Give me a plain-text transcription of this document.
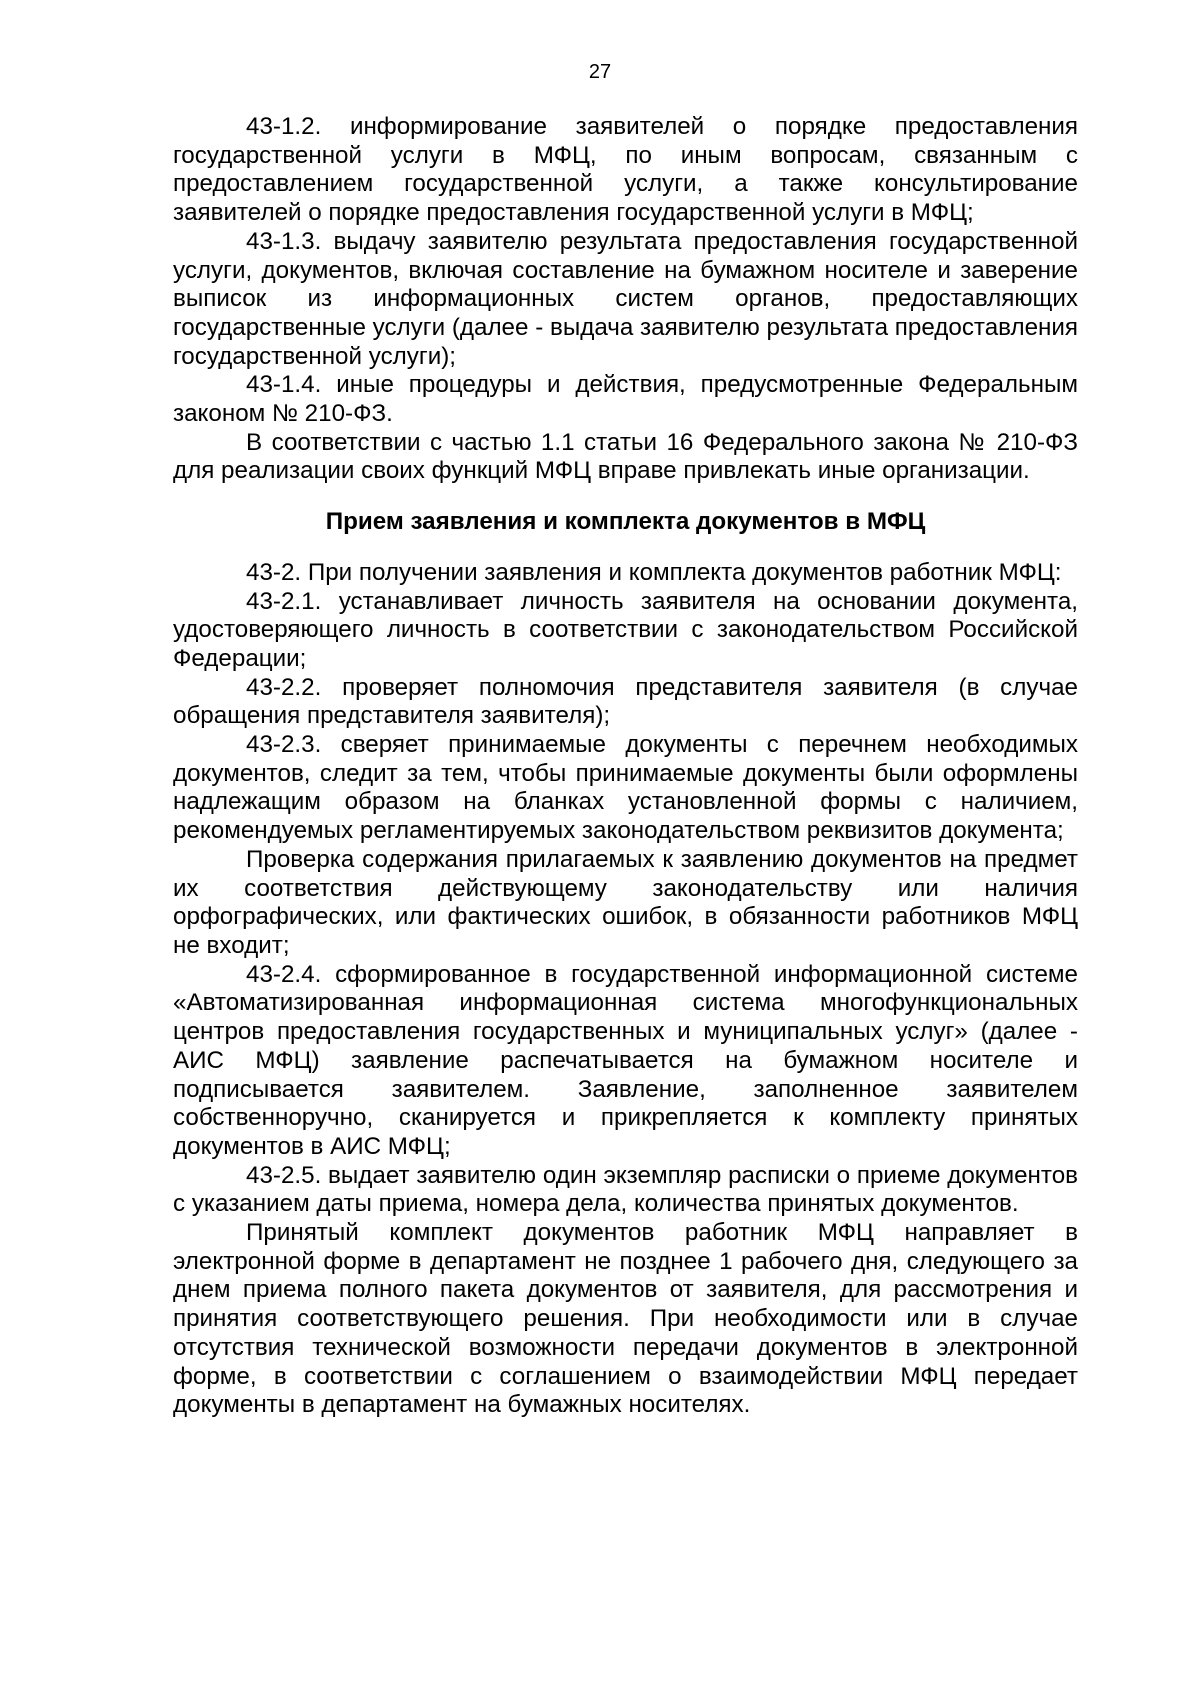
27

43-1.2. информирование заявителей о порядке предоставления государственной услуги в МФЦ, по иным вопросам, связанным с предоставлением государственной услуги, а также консультирование заявителей о порядке предоставления государственной услуги в МФЦ;

43-1.3. выдачу заявителю результата предоставления государственной услуги, документов, включая составление на бумажном носителе и заверение выписок из информационных систем органов, предоставляющих государственные услуги (далее - выдача заявителю результата предоставления государственной услуги);

43-1.4. иные процедуры и действия, предусмотренные Федеральным законом № 210-ФЗ.

В соответствии с частью 1.1 статьи 16 Федерального закона № 210-ФЗ для реализации своих функций МФЦ вправе привлекать иные организации.

Прием заявления и комплекта документов в МФЦ

43-2. При получении заявления и комплекта документов работник МФЦ:

43-2.1. устанавливает личность заявителя на основании документа, удостоверяющего личность в соответствии с законодательством Российской Федерации;

43-2.2. проверяет полномочия представителя заявителя (в случае обращения представителя заявителя);

43-2.3. сверяет принимаемые документы с перечнем необходимых документов, следит за тем, чтобы принимаемые документы были оформлены надлежащим образом на бланках установленной формы с наличием, рекомендуемых регламентируемых законодательством реквизитов документа;

Проверка содержания прилагаемых к заявлению документов на предмет их соответствия действующему законодательству или наличия орфографических, или фактических ошибок, в обязанности работников МФЦ не входит;

43-2.4. сформированное в государственной информационной системе «Автоматизированная информационная система многофункциональных центров предоставления государственных и муниципальных услуг» (далее - АИС МФЦ) заявление распечатывается на бумажном носителе и подписывается заявителем. Заявление, заполненное заявителем собственноручно, сканируется и прикрепляется к комплекту принятых документов в АИС МФЦ;

43-2.5. выдает заявителю один экземпляр расписки о приеме документов с указанием даты приема, номера дела, количества принятых документов.

Принятый комплект документов работник МФЦ направляет в электронной форме в департамент не позднее 1 рабочего дня, следующего за днем приема полного пакета документов от заявителя, для рассмотрения и принятия соответствующего решения. При необходимости или в случае отсутствия технической возможности передачи документов в электронной форме, в соответствии с соглашением о взаимодействии МФЦ передает документы в департамент на бумажных носителях.
